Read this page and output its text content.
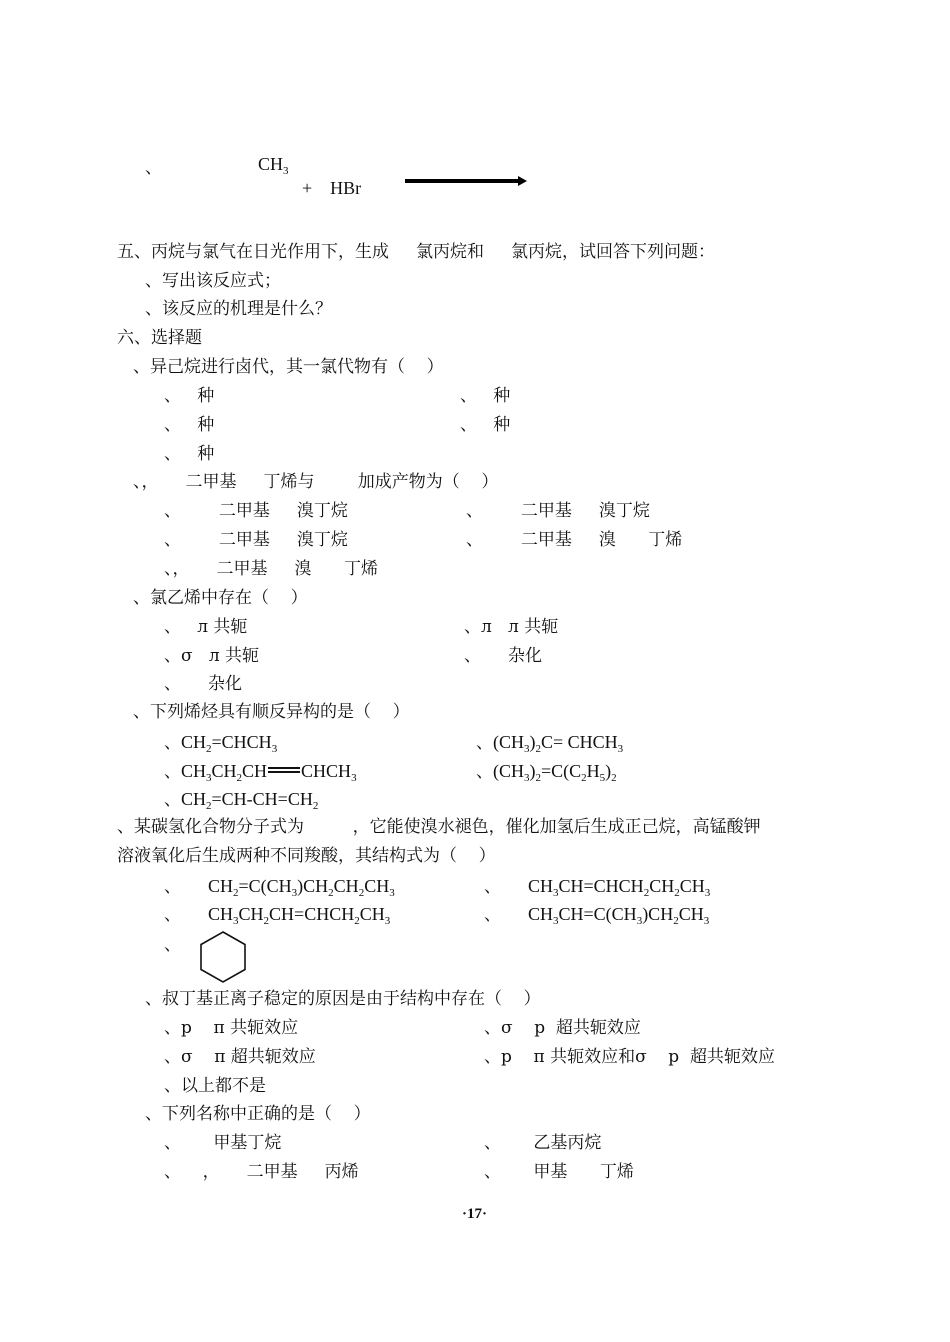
、	$CH_3$
+    HBr
五、丙烷与氯气在日光作用下，生成     氯丙烷和     氯丙烷，试回答下列问题：
、写出该反应式；
、该反应的机理是什么？
六、选择题
、异己烷进行卤代，其一氯代物有（    ）
、   种	、   种
、   种	、   种
、   种
、，     二甲基     丁烯与        加成产物为（    ）
、       二甲基     溴丁烷	、       二甲基     溴丁烷
、       二甲基     溴丁烷	、       二甲基     溴      丁烯
、，     二甲基     溴      丁烯
、氯乙烯中存在（    ）
、   л 共轭	、л   л 共轭
、σ   л 共轭	、     杂化
、     杂化
、下列烯烃具有顺反异构的是（    ）
、$CH_2=CHCH_3$	、$(CH_3)_2C=$ $CHCH_3$
、$CH_3CH_2CH$ $CHCH_3$	、$(CH_3)_2=C(C_2H_5)_2$
、$CH_2=CH-CH=CH_2$
、某碳氢化合物分子式为         ，它能使溴水褪色，催化加氢后生成正己烷，高锰酸钾
溶液氧化后生成两种不同羧酸，其结构式为（    ）
、      $CH_2=C(CH_3)CH_2CH_2CH_3$	、      $CH_3CH=CHCH_2CH_2CH_3$
、      $CH_3CH_2CH=CHCH_2CH_3$	、      $CH_3CH=C(CH_3)CH_2CH_3$
、
、叔丁基正离子稳定的原因是由于结构中存在（    ）
、p    π 共轭效应	、σ    p  超共轭效应
、σ    π 超共轭效应	、p    π 共轭效应和σ    p  超共轭效应
、以上都不是
、下列名称中正确的是（    ）
、      甲基丁烷	、      乙基丙烷
、    ，     二甲基     丙烯	、      甲基      丁烯
·17·
